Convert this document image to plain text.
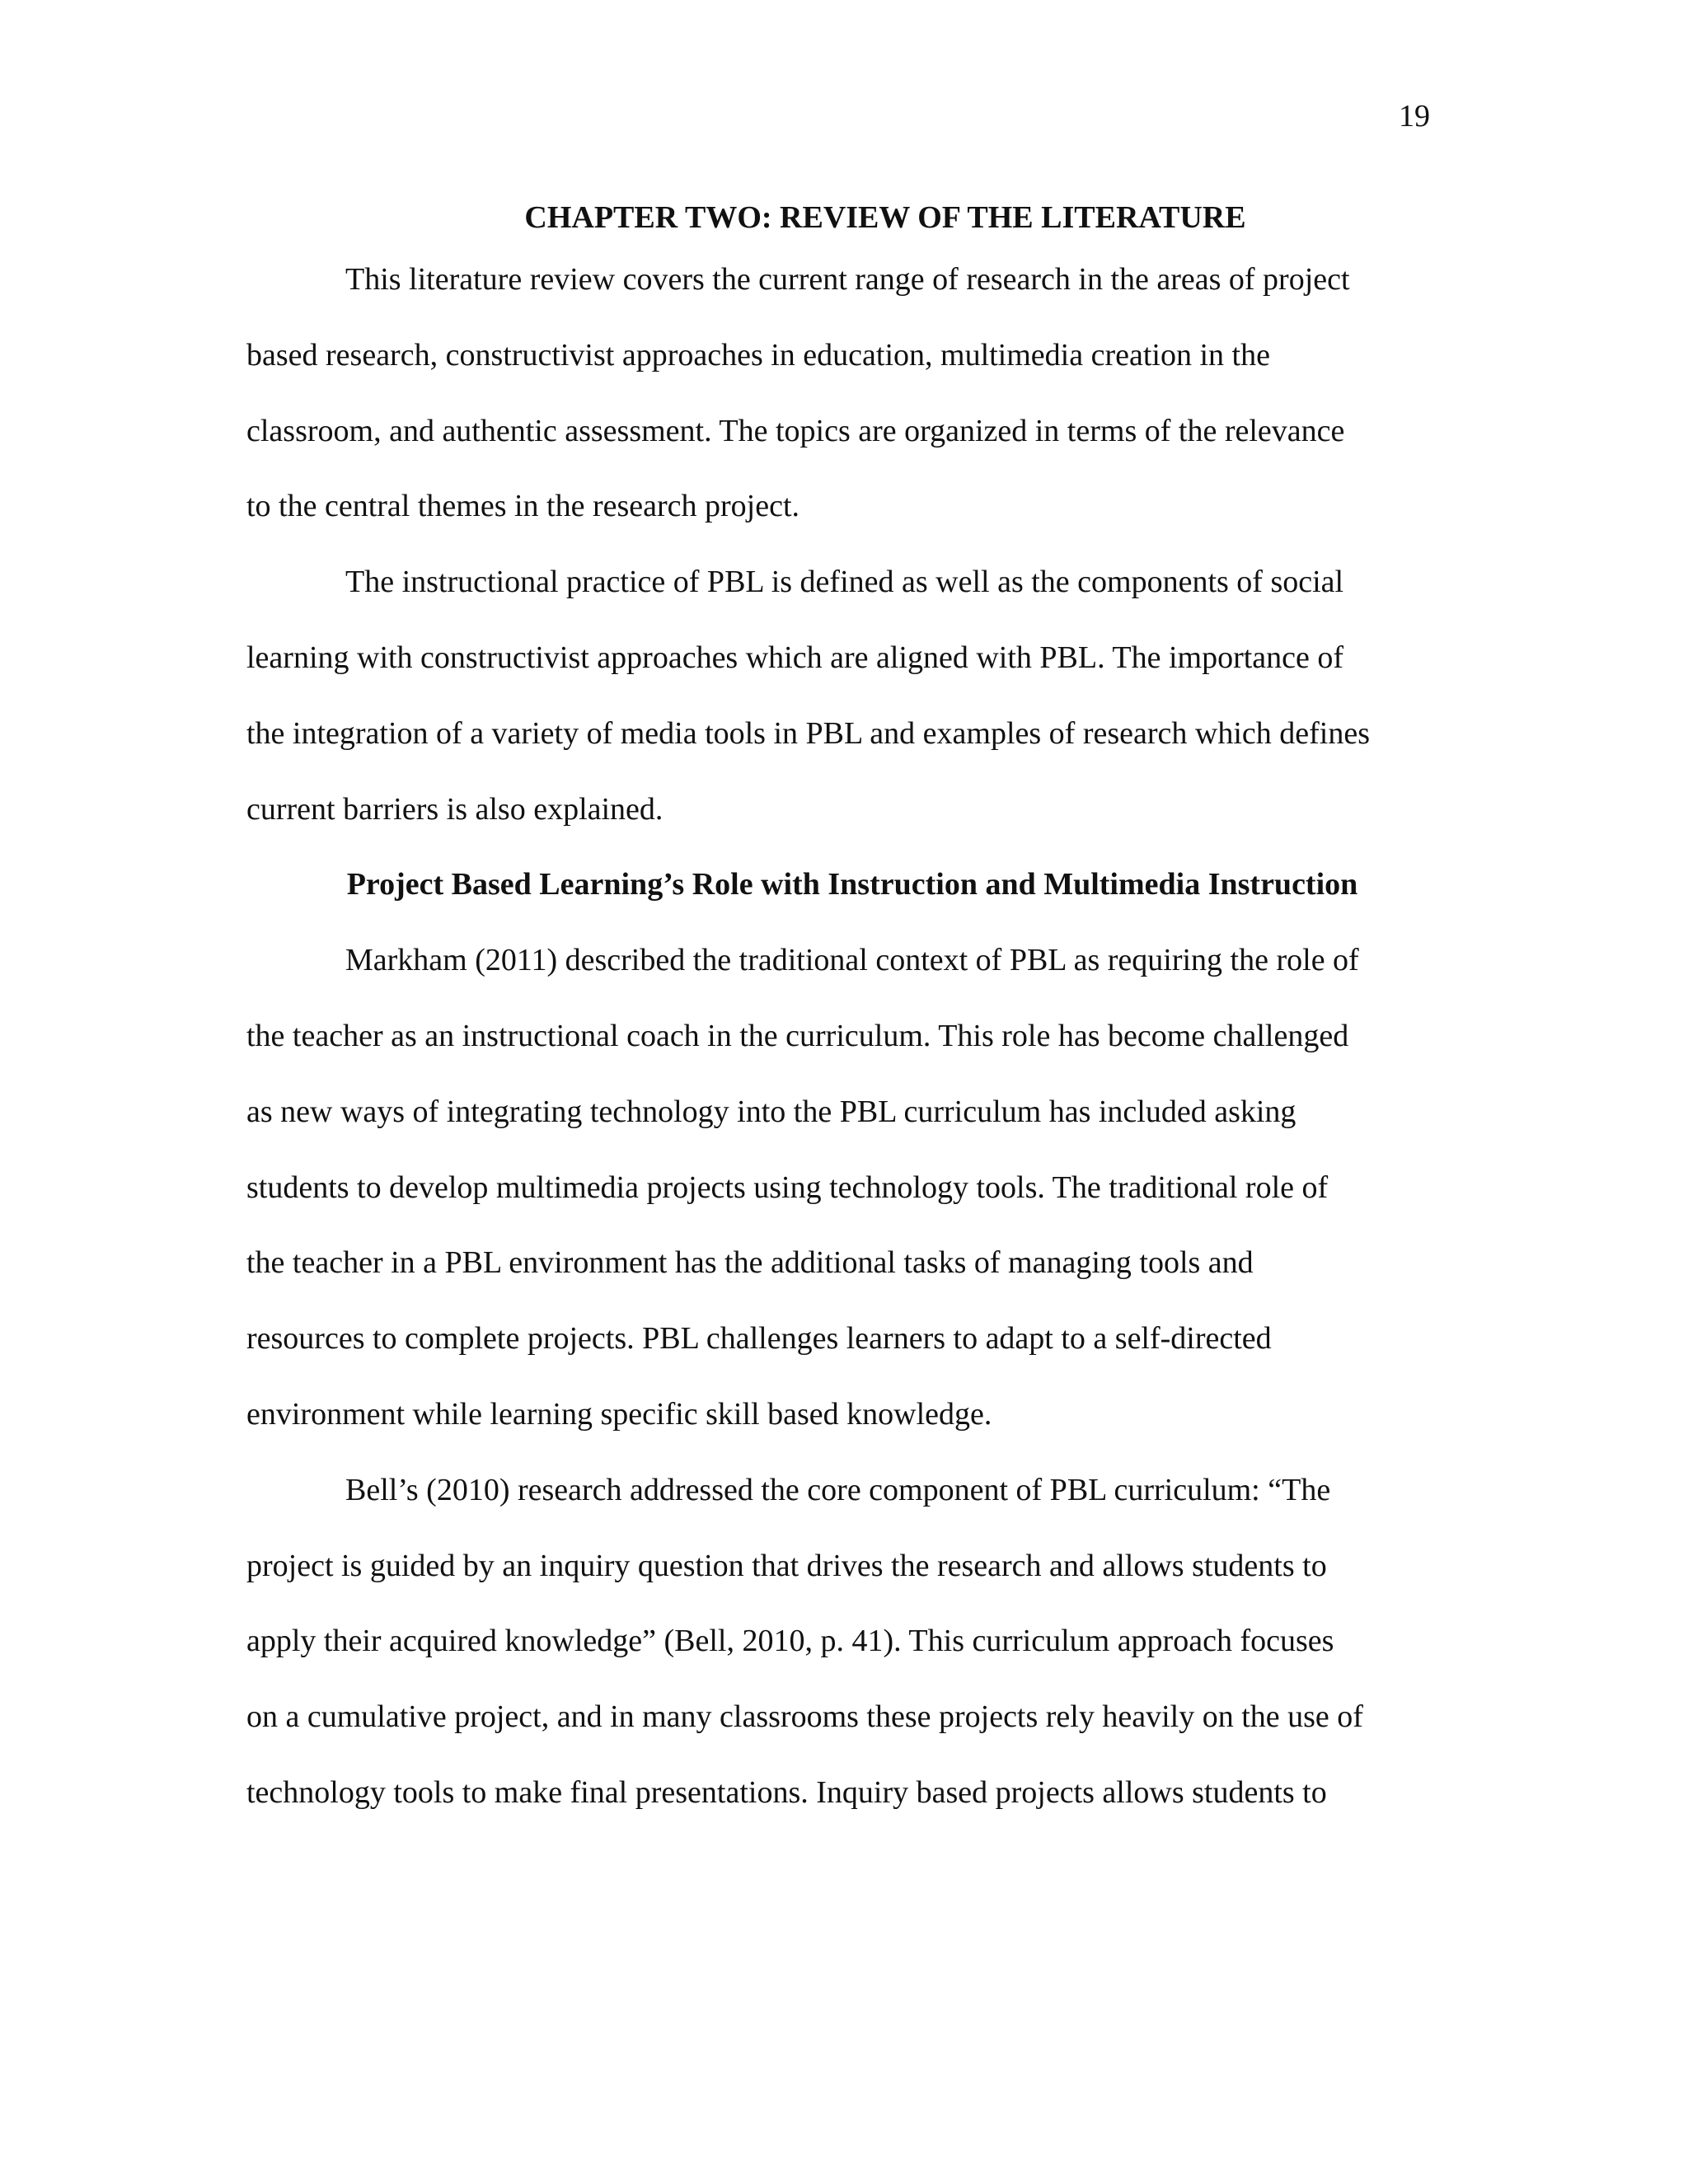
19
CHAPTER TWO: REVIEW OF THE LITERATURE

This literature review covers the current range of research in the areas of project
based research, constructivist approaches in education, multimedia creation in the
classroom, and authentic assessment. The topics are organized in terms of the relevance
to the central themes in the research project.

The instructional practice of PBL is defined as well as the components of social
learning with constructivist approaches which are aligned with PBL. The importance of
the integration of a variety of media tools in PBL and examples of research which defines
current barriers is also explained.

Project Based Learning’s Role with Instruction and Multimedia Instruction

Markham (2011) described the traditional context of PBL as requiring the role of
the teacher as an instructional coach in the curriculum. This role has become challenged
as new ways of integrating technology into the PBL curriculum has included asking
students to develop multimedia projects using technology tools. The traditional role of
the teacher in a PBL environment has the additional tasks of managing tools and
resources to complete projects. PBL challenges learners to adapt to a self-directed
environment while learning specific skill based knowledge.

Bell’s (2010) research addressed the core component of PBL curriculum: “The
project is guided by an inquiry question that drives the research and allows students to
apply their acquired knowledge” (Bell, 2010, p. 41). This curriculum approach focuses
on a cumulative project, and in many classrooms these projects rely heavily on the use of
technology tools to make final presentations. Inquiry based projects allows students to
